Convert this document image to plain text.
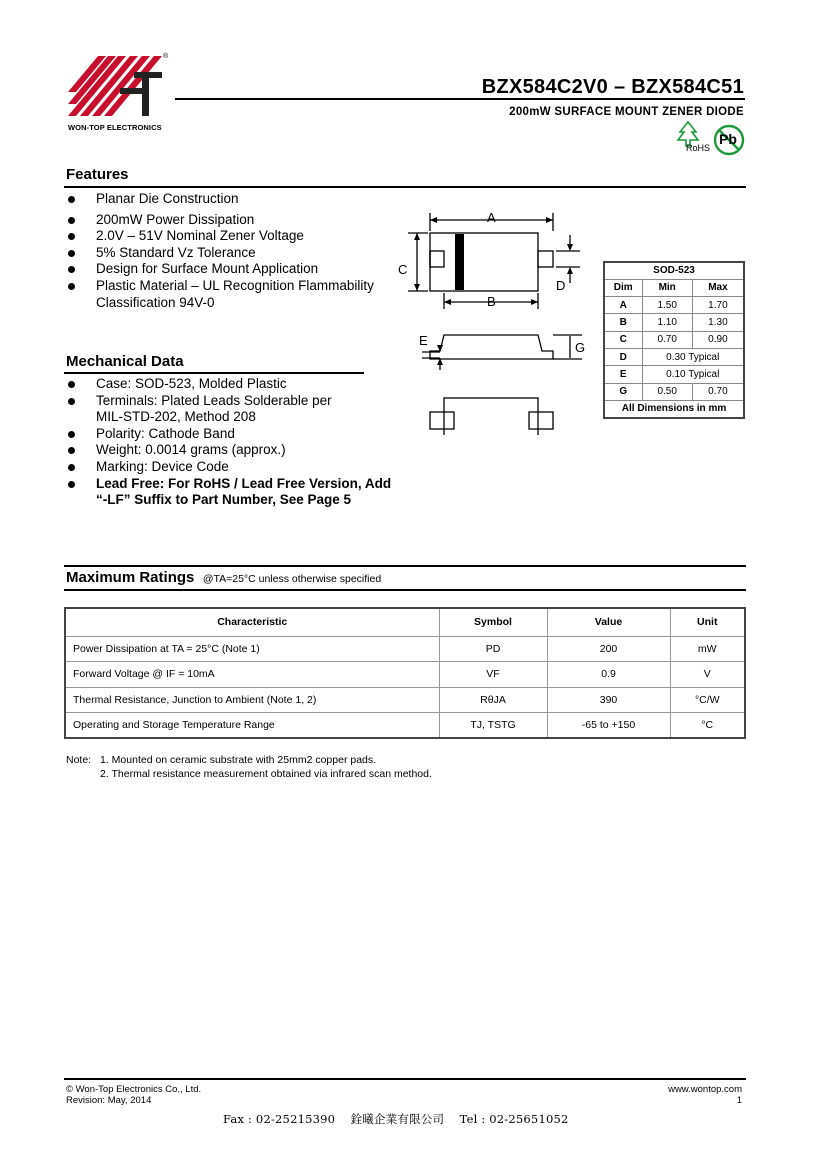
®
WON-TOP ELECTRONICS
BZX584C2V0 – BZX584C51
200mW SURFACE MOUNT ZENER DIODE
RoHS
Pb
Features
Planar Die Construction
200mW Power Dissipation
2.0V – 51V Nominal Zener Voltage
5% Standard Vz Tolerance
Design for Surface Mount Application
Plastic Material – UL Recognition Flammability Classification 94V-0
A
B
C
D
E	G
SOD-523		
Dim	Min	Max
A	1.50	1.70
B	1.10	1.30
C	0.70	0.90
D	0.30 Typical	
E	0.10 Typical	
G	0.50	0.70
All Dimensions in mm		
Mechanical Data
Case: SOD-523, Molded Plastic
Terminals: Plated Leads Solderable per MIL-STD-202, Method 208
Polarity: Cathode Band
Weight: 0.0014 grams (approx.)
Marking: Device Code
Lead Free: For RoHS / Lead Free Version, Add “-LF” Suffix to Part Number, See Page 5
Maximum Ratings @TA=25°C unless otherwise specified
Characteristic	Symbol	Value	Unit
Power Dissipation at TA = 25°C (Note 1)	PD	200	mW
Forward Voltage @ IF = 10mA	VF	0.9	V
Thermal Resistance, Junction to Ambient (Note 1, 2)	RθJA	390	°C/W
Operating and Storage Temperature Range	TJ, TSTG	-65 to +150	°C
Note: 1. Mounted on ceramic substrate with 25mm2 copper pads.
2. Thermal resistance measurement obtained via infrared scan method.
© Won-Top Electronics Co., Ltd.
Revision: May, 2014
www.wontop.com
1
Fax : 02-25215390    銓曦企業有限公司    Tel : 02-25651052
